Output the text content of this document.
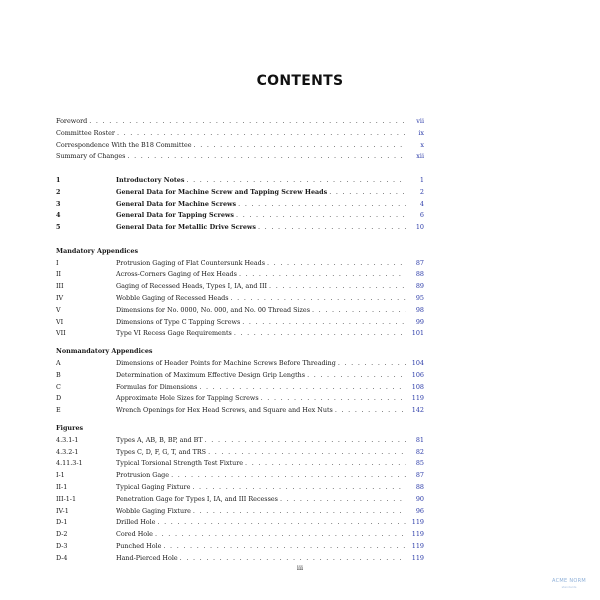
CONTENTS
Foreword . . .	vii
Committee Roster . . .	ix
Correspondence With the B18 Committee . . .	x
Summary of Changes . . .	xii
1	Introductory Notes . . .	1
2	General Data for Machine Screw and Tapping Screw Heads . . .	2
3	General Data for Machine Screws . . .	4
4	General Data for Tapping Screws . . .	6
5	General Data for Metallic Drive Screws . . .	10
Mandatory Appendices
I	Protrusion Gaging of Flat Countersunk Heads . . .	87
II	Across-Corners Gaging of Hex Heads . . .	88
III	Gaging of Recessed Heads, Types I, IA, and III . . .	89
IV	Wobble Gaging of Recessed Heads . . .	95
V	Dimensions for No. 0000, No. 000, and No. 00 Thread Sizes . . .	98
VI	Dimensions of Type C Tapping Screws . . .	99
VII	Type VI Recess Gage Requirements . . .	101
Nonmandatory Appendices
A	Dimensions of Header Points for Machine Screws Before Threading . . .	104
B	Determination of Maximum Effective Design Grip Lengths . . .	106
C	Formulas for Dimensions . . .	108
D	Approximate Hole Sizes for Tapping Screws . . .	119
E	Wrench Openings for Hex Head Screws, and Square and Hex Nuts . . .	142
Figures
4.3.1-1	Types A, AB, B, BP, and BT . . .	81
4.3.2-1	Types C, D, F, G, T, and TRS . . .	82
4.11.3-1	Typical Torsional Strength Test Fixture . . .	85
I-1	Protrusion Gage . . .	87
II-1	Typical Gaging Fixture . . .	88
III-1-1	Penetration Gage for Types I, IA, and III Recesses . . .	90
IV-1	Wobble Gaging Fixture . . .	96
D-1	Drilled Hole . . .	119
D-2	Cored Hole . . .	119
D-3	Punched Hole . . .	119
D-4	Hand-Pierced Hole . . .	119
iii
ACME NORM
standards
